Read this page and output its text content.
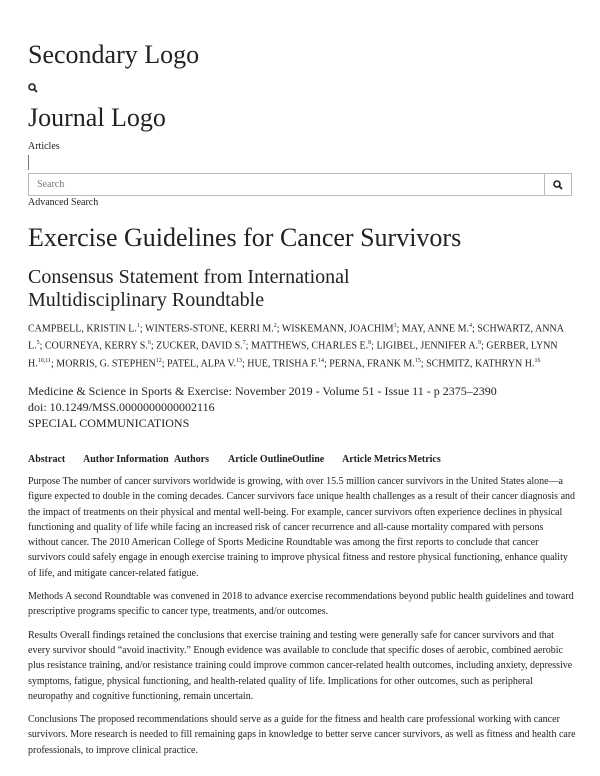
Secondary Logo
Journal Logo
Articles
Search
Advanced Search
Exercise Guidelines for Cancer Survivors
Consensus Statement from International Multidisciplinary Roundtable
CAMPBELL, KRISTIN L.$^1$; WINTERS-STONE, KERRI M.$^2$; WISKEMANN, JOACHIM$^3$; MAY, ANNE M.$^4$; SCHWARTZ, ANNA L.$^5$; COURNEYA, KERRY S.$^6$; ZUCKER, DAVID S.$^7$; MATTHEWS, CHARLES E.$^8$; LIGIBEL, JENNIFER A.$^9$; GERBER, LYNN H.$^{10,11}$; MORRIS, G. STEPHEN$^{12}$; PATEL, ALPA V.$^{13}$; HUE, TRISHA F.$^{14}$; PERNA, FRANK M.$^{15}$; SCHMITZ, KATHRYN H.$^{16}$
Medicine & Science in Sports & Exercise: November 2019 - Volume 51 - Issue 11 - p 2375–2390
doi: 10.1249/MSS.0000000000002116
SPECIAL COMMUNICATIONS
Abstract Author Information Authors Article Outline Outline Article Metrics Metrics

Purpose The number of cancer survivors worldwide is growing, with over 15.5 million cancer survivors in the United States alone—a figure expected to double in the coming decades. Cancer survivors face unique health challenges as a result of their cancer diagnosis and the impact of treatments on their physical and mental well-being. For example, cancer survivors often experience declines in physical functioning and quality of life while facing an increased risk of cancer recurrence and all-cause mortality compared with persons without cancer. The 2010 American College of Sports Medicine Roundtable was among the first reports to conclude that cancer survivors could safely engage in enough exercise training to improve physical fitness and restore physical functioning, enhance quality of life, and mitigate cancer-related fatigue.

Methods A second Roundtable was convened in 2018 to advance exercise recommendations beyond public health guidelines and toward prescriptive programs specific to cancer type, treatments, and/or outcomes.

Results Overall findings retained the conclusions that exercise training and testing were generally safe for cancer survivors and that every survivor should “avoid inactivity.” Enough evidence was available to conclude that specific doses of aerobic, combined aerobic plus resistance training, and/or resistance training could improve common cancer-related health outcomes, including anxiety, depressive symptoms, fatigue, physical functioning, and health-related quality of life. Implications for other outcomes, such as peripheral neuropathy and cognitive functioning, remain uncertain.

Conclusions The proposed recommendations should serve as a guide for the fitness and health care professional working with cancer survivors. More research is needed to fill remaining gaps in knowledge to better serve cancer survivors, as well as fitness and health care professionals, to improve clinical practice.
